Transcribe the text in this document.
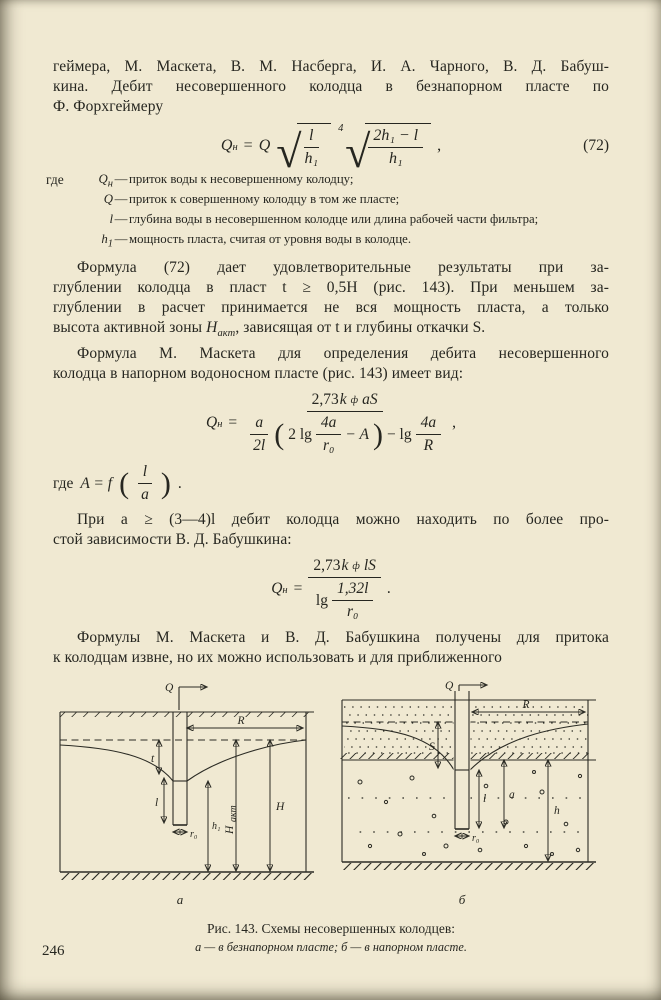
геймера, М. Маскета, В. М. Насберга, И. А. Чарного, В. Д. Бабуш-
кина. Дебит несовершенного колодца в безнапорном пласте по
Ф. Форхгеймеру
Q н = Q √
$\frac{l}{\text{h₁}} 4$ √
$\frac{\text{2h₁ − l}}{\text{h₁}}$ ,	(72)
где	$Q_н$ — приток воды к несовершенному колодцу;
Q — приток к совершенному колодцу в том же пласте;
l — глубина воды в несовершенном колодце или длина рабочей части фильтра;
$h_1$ — мощность пласта, считая от уровня воды в колодце.
Формула (72) дает удовлетворительные результаты при за-
глублении колодца в пласт t ≥ 0,5Н (рис. 143). При меньшем за-
глублении в расчет принимается не вся мощность пласта, а только
высота активной зоны $Н_{акт}$, зависящая от t и глубины откачки S.
Формула М. Маскета для определения дебита несовершенного
колодца в напорном водоносном пласте (рис. 143) имеет вид:
Q н =
2,73 k ф aS
$\frac{a}{2l}$ ( 2 $\lg \frac{4a}{\text{r₀}} - A$ ) − $\lg \frac{4a}{R}$ ,
где A = f ( $\frac{l}{a}$ ) .
При a ≥ (3—4)l дебит колодца можно находить по более про-
стой зависимости В. Д. Бабушкина:
Q $н = \frac{\text{2,73 k ф lS}}{\lg \frac{1,32l}{\text{r₀}}}$ .
Формулы М. Маскета и В. Д. Бабушкина получены для притока
к колодцам извне, но их можно использовать и для приближенного
Q
R
t
l
r₀
h₁ Н
акт	Н
а
Q
R
S
l a
h
r₀
б
Рис. 143. Схемы несовершенных колодцев:
а — в безнапорном пласте; б — в напорном пласте.
246
